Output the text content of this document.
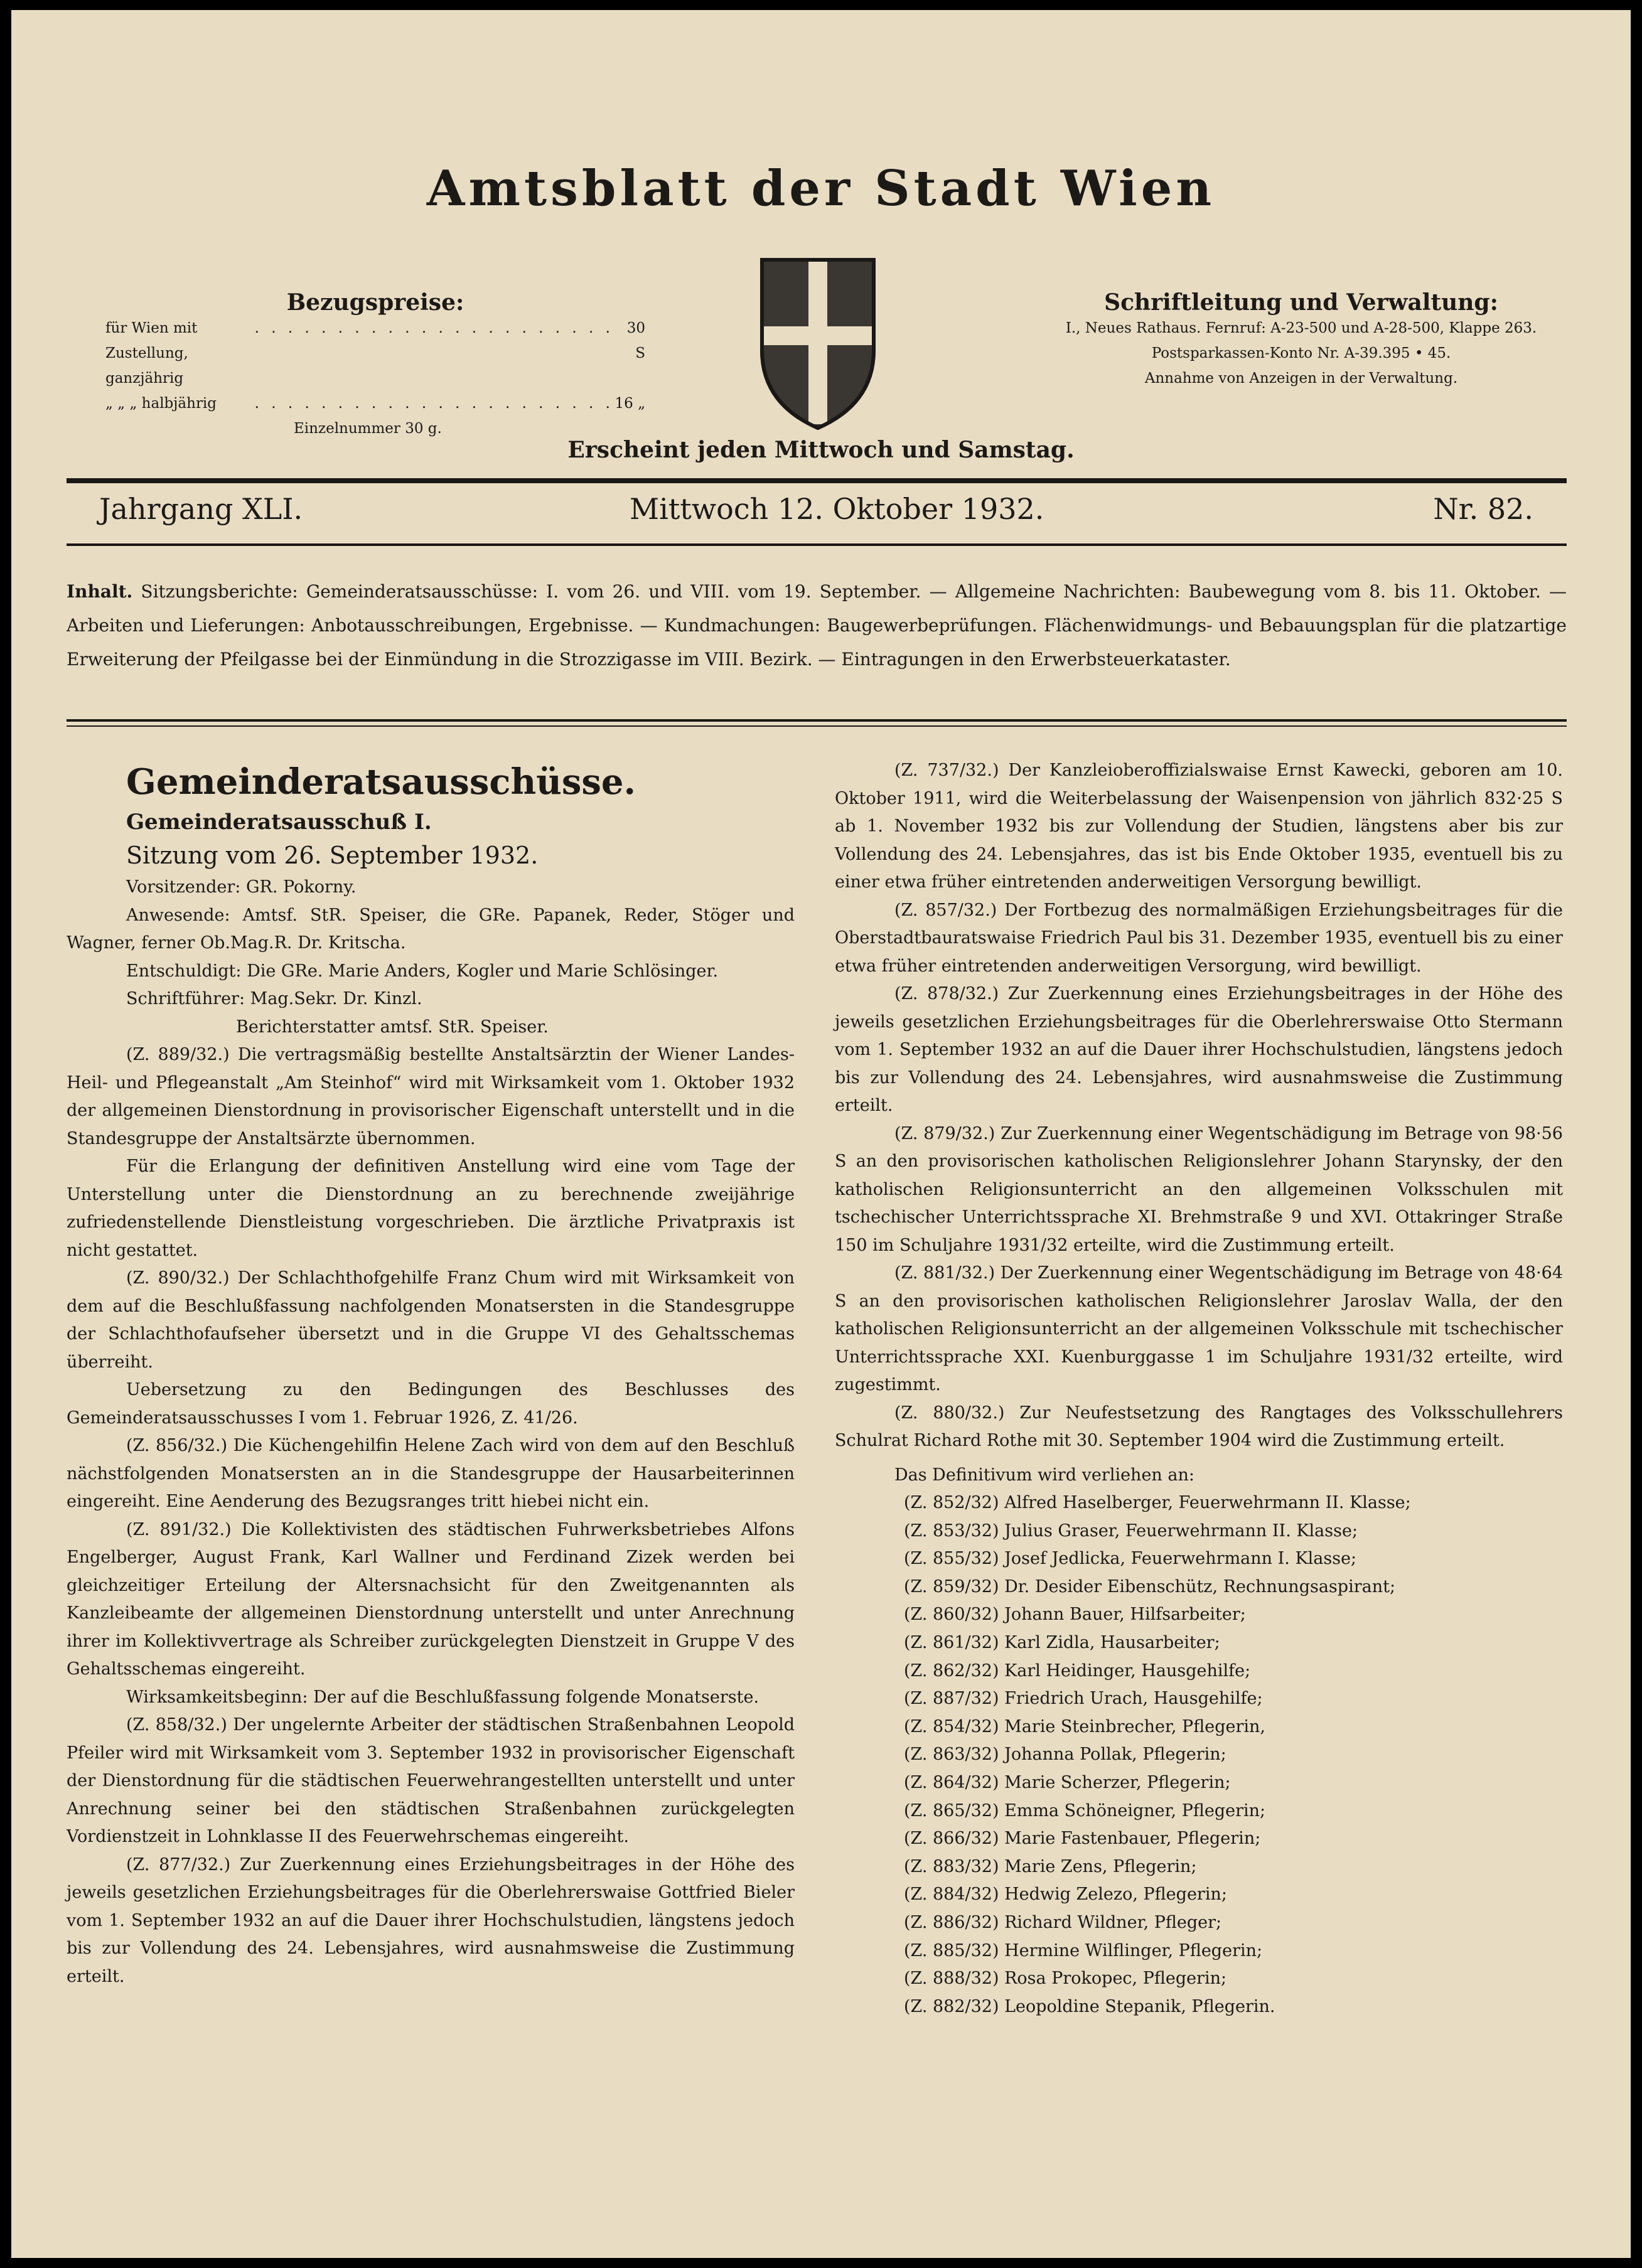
Amtsblatt der Stadt Wien
Bezugspreise:
für Wien mit Zustellung, ganzjährig
. . . . . . . . . . . . . . . . . . . . . . 30 S
„ „ „ halbjährig	. . . . . . . . . . . . . . . . . . . . . . 16 „
Einzelnummer 30 g.
Schriftleitung und Verwaltung:
I., Neues Rathaus. Fernruf: A-23-500 und A-28-500, Klappe 263.
Postsparkassen-Konto Nr. A-39.395 • 45.
Annahme von Anzeigen in der Verwaltung.
Erscheint jeden Mittwoch und Samstag.
Jahrgang XLI.	Mittwoch 12. Oktober 1932.	Nr. 82.
Inhalt. Sitzungsberichte: Gemeinderatsausschüsse: I. vom 26. und VIII. vom 19. September. — Allgemeine Nachrichten: Baubewegung vom 8. bis 11. Oktober. — Arbeiten und Lieferungen: Anbotausschreibungen, Ergebnisse. — Kundmachungen: Baugewerbeprüfungen. Flächenwidmungs- und Bebauungsplan für die platzartige Erweiterung der Pfeilgasse bei der Einmündung in die Strozzigasse im VIII. Bezirk. — Eintragungen in den Erwerbsteuerkataster.

Gemeinderatsausschüsse.

Gemeinderatsausschuß I.

Sitzung vom 26. September 1932.

Vorsitzender: GR. Pokorny.

Anwesende: Amtsf. StR. Speiser, die GRe. Papanek, Reder, Stöger und Wagner, ferner Ob.Mag.R. Dr. Kritscha.

Entschuldigt: Die GRe. Marie Anders, Kogler und Marie Schlösinger.

Schriftführer: Mag.Sekr. Dr. Kinzl.

Berichterstatter amtsf. StR. Speiser.

(Z. 889/32.) Die vertragsmäßig bestellte Anstaltsärztin der Wiener Landes-Heil- und Pflegeanstalt „Am Steinhof“ wird mit Wirksamkeit vom 1. Oktober 1932 der allgemeinen Dienstordnung in provisorischer Eigenschaft unterstellt und in die Standesgruppe der Anstaltsärzte übernommen.

Für die Erlangung der definitiven Anstellung wird eine vom Tage der Unterstellung unter die Dienstordnung an zu berechnende zweijährige zufriedenstellende Dienstleistung vorgeschrieben. Die ärztliche Privatpraxis ist nicht gestattet.

(Z. 890/32.) Der Schlachthofgehilfe Franz Chum wird mit Wirksamkeit von dem auf die Beschlußfassung nachfolgenden Monatsersten in die Standesgruppe der Schlachthofaufseher übersetzt und in die Gruppe VI des Gehaltsschemas überreiht.

Uebersetzung zu den Bedingungen des Beschlusses des Gemeinderatsausschusses I vom 1. Februar 1926, Z. 41/26.

(Z. 856/32.) Die Küchengehilfin Helene Zach wird von dem auf den Beschluß nächstfolgenden Monatsersten an in die Standesgruppe der Hausarbeiterinnen eingereiht. Eine Aenderung des Bezugsranges tritt hiebei nicht ein.

(Z. 891/32.) Die Kollektivisten des städtischen Fuhrwerksbetriebes Alfons Engelberger, August Frank, Karl Wallner und Ferdinand Zizek werden bei gleichzeitiger Erteilung der Altersnachsicht für den Zweitgenannten als Kanzleibeamte der allgemeinen Dienstordnung unterstellt und unter Anrechnung ihrer im Kollektivvertrage als Schreiber zurückgelegten Dienstzeit in Gruppe V des Gehaltsschemas eingereiht.

Wirksamkeitsbeginn: Der auf die Beschlußfassung folgende Monatserste.

(Z. 858/32.) Der ungelernte Arbeiter der städtischen Straßenbahnen Leopold Pfeiler wird mit Wirksamkeit vom 3. September 1932 in provisorischer Eigenschaft der Dienstordnung für die städtischen Feuerwehrangestellten unterstellt und unter Anrechnung seiner bei den städtischen Straßenbahnen zurückgelegten Vordienstzeit in Lohnklasse II des Feuerwehrschemas eingereiht.

(Z. 877/32.) Zur Zuerkennung eines Erziehungsbeitrages in der Höhe des jeweils gesetzlichen Erziehungsbeitrages für die Oberlehrerswaise Gottfried Bieler vom 1. September 1932 an auf die Dauer ihrer Hochschulstudien, längstens jedoch bis zur Vollendung des 24. Lebensjahres, wird ausnahmsweise die Zustimmung erteilt.

(Z. 737/32.) Der Kanzleioberoffizialswaise Ernst Kawecki, geboren am 10. Oktober 1911, wird die Weiterbelassung der Waisenpension von jährlich 832·25 S ab 1. November 1932 bis zur Vollendung der Studien, längstens aber bis zur Vollendung des 24. Lebensjahres, das ist bis Ende Oktober 1935, eventuell bis zu einer etwa früher eintretenden anderweitigen Versorgung bewilligt.

(Z. 857/32.) Der Fortbezug des normalmäßigen Erziehungsbeitrages für die Oberstadtbauratswaise Friedrich Paul bis 31. Dezember 1935, eventuell bis zu einer etwa früher eintretenden anderweitigen Versorgung, wird bewilligt.

(Z. 878/32.) Zur Zuerkennung eines Erziehungsbeitrages in der Höhe des jeweils gesetzlichen Erziehungsbeitrages für die Oberlehrerswaise Otto Stermann vom 1. September 1932 an auf die Dauer ihrer Hochschulstudien, längstens jedoch bis zur Vollendung des 24. Lebensjahres, wird ausnahmsweise die Zustimmung erteilt.

(Z. 879/32.) Zur Zuerkennung einer Wegentschädigung im Betrage von 98·56 S an den provisorischen katholischen Religionslehrer Johann Starynsky, der den katholischen Religionsunterricht an den allgemeinen Volksschulen mit tschechischer Unterrichtssprache XI. Brehmstraße 9 und XVI. Ottakringer Straße 150 im Schuljahre 1931/32 erteilte, wird die Zustimmung erteilt.

(Z. 881/32.) Der Zuerkennung einer Wegentschädigung im Betrage von 48·64 S an den provisorischen katholischen Religionslehrer Jaroslav Walla, der den katholischen Religionsunterricht an der allgemeinen Volksschule mit tschechischer Unterrichtssprache XXI. Kuenburggasse 1 im Schuljahre 1931/32 erteilte, wird zugestimmt.

(Z. 880/32.) Zur Neufestsetzung des Rangtages des Volksschullehrers Schulrat Richard Rothe mit 30. September 1904 wird die Zustimmung erteilt.

Das Definitivum wird verliehen an:
(Z. 852/32) Alfred Haselberger, Feuerwehrmann II. Klasse;
(Z. 853/32) Julius Graser, Feuerwehrmann II. Klasse;
(Z. 855/32) Josef Jedlicka, Feuerwehrmann I. Klasse;
(Z. 859/32) Dr. Desider Eibenschütz, Rechnungsaspirant;
(Z. 860/32) Johann Bauer, Hilfsarbeiter;
(Z. 861/32) Karl Zidla, Hausarbeiter;
(Z. 862/32) Karl Heidinger, Hausgehilfe;
(Z. 887/32) Friedrich Urach, Hausgehilfe;
(Z. 854/32) Marie Steinbrecher, Pflegerin,
(Z. 863/32) Johanna Pollak, Pflegerin;
(Z. 864/32) Marie Scherzer, Pflegerin;
(Z. 865/32) Emma Schöneigner, Pflegerin;
(Z. 866/32) Marie Fastenbauer, Pflegerin;
(Z. 883/32) Marie Zens, Pflegerin;
(Z. 884/32) Hedwig Zelezo, Pflegerin;
(Z. 886/32) Richard Wildner, Pfleger;
(Z. 885/32) Hermine Wilflinger, Pflegerin;
(Z. 888/32) Rosa Prokopec, Pflegerin;
(Z. 882/32) Leopoldine Stepanik, Pflegerin.
